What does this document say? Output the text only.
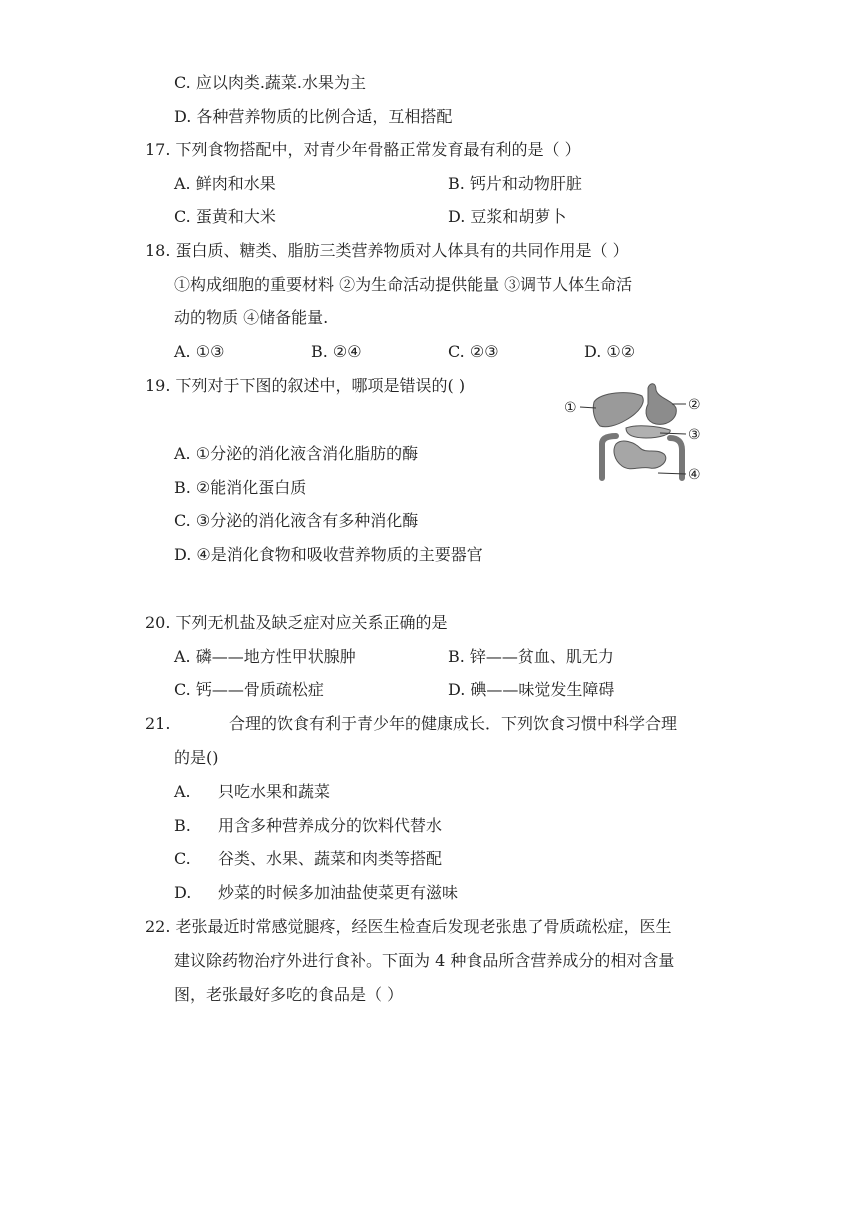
C. 应以肉类.蔬菜.水果为主
D. 各种营养物质的比例合适，互相搭配
17. 下列食物搭配中，对青少年骨骼正常发育最有利的是（ ）
A. 鲜肉和水果	B. 钙片和动物肝脏
C. 蛋黄和大米	D. 豆浆和胡萝卜
18. 蛋白质、糖类、脂肪三类营养物质对人体具有的共同作用是（ ）
①构成细胞的重要材料 ②为生命活动提供能量 ③调节人体生命活
动的物质 ④储备能量.
A. ①③	B. ②④	C. ②③	D. ①②
19. 下列对于下图的叙述中，哪项是错误的( )
①	②
③
④
A. ①分泌的消化液含消化脂肪的酶
B. ②能消化蛋白质
C. ③分泌的消化液含有多种消化酶
D. ④是消化食物和吸收营养物质的主要器官
20. 下列无机盐及缺乏症对应关系正确的是
A. 磷——地方性甲状腺肿	B. 锌——贫血、肌无力
C. 钙——骨质疏松症	D. 碘——味觉发生障碍
21.	合理的饮食有利于青少年的健康成长．下列饮食习惯中科学合理
的是()
A. 只吃水果和蔬菜
B. 用含多种营养成分的饮料代替水
C. 谷类、水果、蔬菜和肉类等搭配
D. 炒菜的时候多加油盐使菜更有滋味
22. 老张最近时常感觉腿疼，经医生检查后发现老张患了骨质疏松症，医生
建议除药物治疗外进行食补。下面为 4 种食品所含营养成分的相对含量
图，老张最好多吃的食品是（ ）
